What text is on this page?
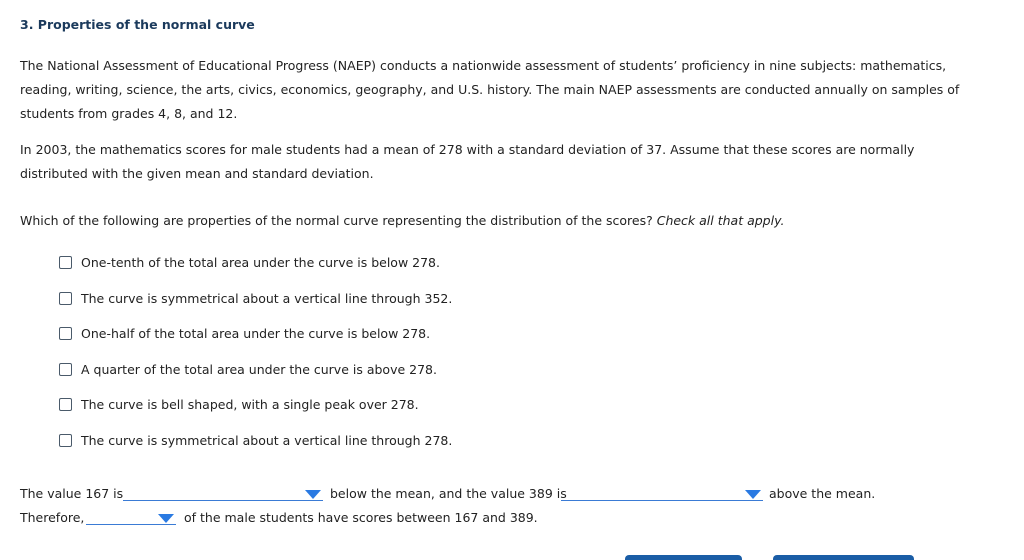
3. Properties of the normal curve

The National Assessment of Educational Progress (NAEP) conducts a nationwide assessment of students’ proficiency in nine subjects: mathematics, reading, writing, science, the arts, civics, economics, geography, and U.S. history. The main NAEP assessments are conducted annually on samples of students from grades 4, 8, and 12.

In 2003, the mathematics scores for male students had a mean of 278 with a standard deviation of 37. Assume that these scores are normally distributed with the given mean and standard deviation.

Which of the following are properties of the normal curve representing the distribution of the scores? Check all that apply.
One-tenth of the total area under the curve is below 278.
The curve is symmetrical about a vertical line through 352.
One-half of the total area under the curve is below 278.
A quarter of the total area under the curve is above 278.
The curve is bell shaped, with a single peak over 278.
The curve is symmetrical about a vertical line through 278.
The value 167 is	below the mean, and the value 389 is	above the mean.
Therefore,	of the male students have scores between 167 and 389.
